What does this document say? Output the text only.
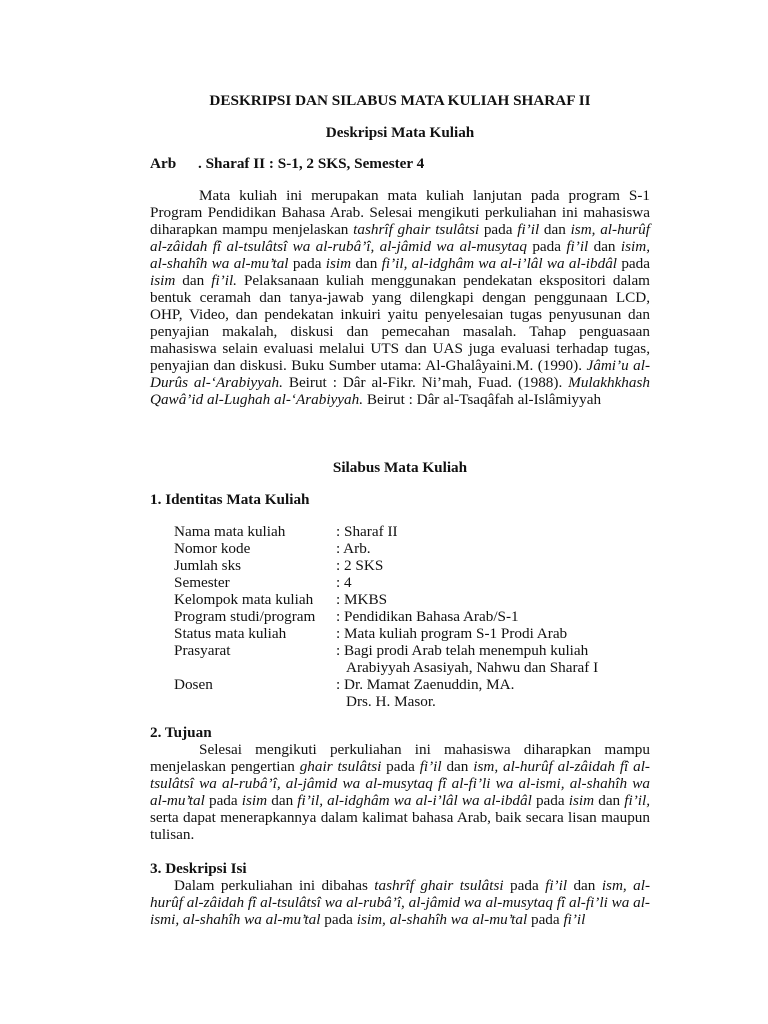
DESKRIPSI DAN SILABUS MATA KULIAH SHARAF II
Deskripsi Mata Kuliah
Arb . Sharaf II : S-1, 2 SKS, Semester 4

Mata kuliah ini merupakan mata kuliah lanjutan pada program S-1 Program Pendidikan Bahasa Arab. Selesai mengikuti perkuliahan ini mahasiswa diharapkan mampu menjelaskan tashrîf ghair tsulâtsi pada fi’il dan ism, al-hurûf al-zâidah fî al-tsulâtsî wa al-rubâ’î, al-jâmid wa al-musytaq pada fi’il dan isim, al-shahîh wa al-mu’tal pada isim dan fi’il, al-idghâm wa al-i’lâl wa al-ibdâl pada isim dan fi’il. Pelaksanaan kuliah menggunakan pendekatan ekspositori dalam bentuk ceramah dan tanya-jawab yang dilengkapi dengan penggunaan LCD, OHP, Video, dan pendekatan inkuiri yaitu penyelesaian tugas penyusunan dan penyajian makalah, diskusi dan pemecahan masalah. Tahap penguasaan mahasiswa selain evaluasi melalui UTS dan UAS juga evaluasi terhadap tugas, penyajian dan diskusi. Buku Sumber utama: Al-Ghalâyaini.M. (1990). Jâmi’u al-Durûs al-‘Arabiyyah. Beirut : Dâr al-Fikr. Ni’mah, Fuad. (1988). Mulakhkhash Qawâ’id al-Lughah al-‘Arabiyyah. Beirut : Dâr al-Tsaqâfah al-Islâmiyyah

Silabus Mata Kuliah
1. Identitas Mata Kuliah
Nama mata kuliah	: Sharaf II
Nomor kode	: Arb.
Jumlah sks	: 2 SKS
Semester	: 4
Kelompok mata kuliah	: MKBS
Program studi/program	: Pendidikan Bahasa Arab/S-1
Status mata kuliah	: Mata kuliah program S-1 Prodi Arab
Prasyarat	: Bagi prodi Arab telah menempuh kuliah
Arabiyyah Asasiyah, Nahwu dan Sharaf I
Dosen	: Dr. Mamat Zaenuddin, MA.
Drs. H. Masor.
2. Tujuan

Selesai mengikuti perkuliahan ini mahasiswa diharapkan mampu menjelaskan pengertian ghair tsulâtsi pada fi’il dan ism, al-hurûf al-zâidah fî al-tsulâtsî wa al-rubâ’î, al-jâmid wa al-musytaq fî al-fi’li wa al-ismi, al-shahîh wa al-mu’tal pada isim dan fi’il, al-idghâm wa al-i’lâl wa al-ibdâl pada isim dan fi’il, serta dapat menerapkannya dalam kalimat bahasa Arab, baik secara lisan maupun tulisan.

3. Deskripsi Isi

Dalam perkuliahan ini dibahas tashrîf ghair tsulâtsi pada fi’il dan ism, al-hurûf al-zâidah fî al-tsulâtsî wa al-rubâ’î, al-jâmid wa al-musytaq fî al-fi’li wa al-ismi, al-shahîh wa al-mu’tal pada isim, al-shahîh wa al-mu’tal pada fi’il
